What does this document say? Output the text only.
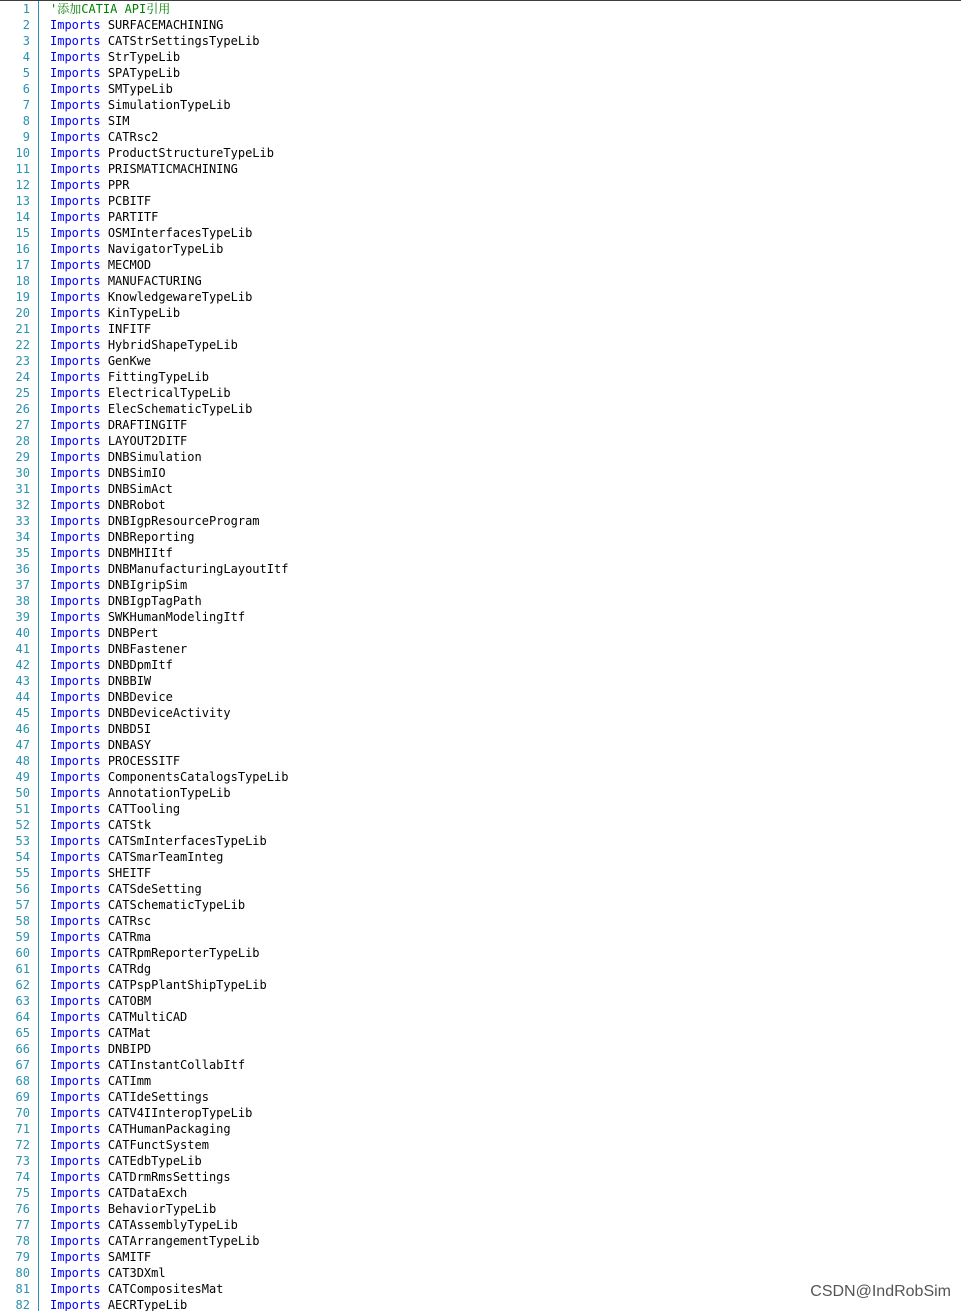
1 '添加CATIA API引用
2 Imports
SURFACEMACHINING
3 Imports
CATStrSettingsTypeLib
4 Imports
StrTypeLib
5 Imports
SPATypeLib
6 Imports
SMTypeLib
7 Imports
SimulationTypeLib
8 Imports
SIM
9 Imports
CATRsc2
10 Imports
ProductStructureTypeLib
11 Imports
PRISMATICMACHINING
12 Imports
PPR
13 Imports
PCBITF
14 Imports
PARTITF
15 Imports
OSMInterfacesTypeLib
16 Imports
NavigatorTypeLib
17 Imports
MECMOD
18 Imports
MANUFACTURING
19 Imports
KnowledgewareTypeLib
20 Imports
KinTypeLib
21 Imports
INFITF
22 Imports
HybridShapeTypeLib
23 Imports
GenKwe
24 Imports
FittingTypeLib
25 Imports
ElectricalTypeLib
26 Imports
ElecSchematicTypeLib
27 Imports
DRAFTINGITF
28 Imports
LAYOUT2DITF
29 Imports
DNBSimulation
30 Imports
DNBSimIO
31 Imports
DNBSimAct
32 Imports
DNBRobot
33 Imports
DNBIgpResourceProgram
34 Imports
DNBReporting
35 Imports
DNBMHIItf
36 Imports
DNBManufacturingLayoutItf
37 Imports
DNBIgripSim
38 Imports
DNBIgpTagPath
39 Imports
SWKHumanModelingItf
40 Imports
DNBPert
41 Imports
DNBFastener
42 Imports
DNBDpmItf
43 Imports
DNBBIW
44 Imports
DNBDevice
45 Imports
DNBDeviceActivity
46 Imports
DNBD5I
47 Imports
DNBASY
48 Imports
PROCESSITF
49 Imports
ComponentsCatalogsTypeLib
50 Imports
AnnotationTypeLib
51 Imports
CATTooling
52 Imports
CATStk
53 Imports
CATSmInterfacesTypeLib
54 Imports
CATSmarTeamInteg
55 Imports
SHEITF
56 Imports
CATSdeSetting
57 Imports
CATSchematicTypeLib
58 Imports
CATRsc
59 Imports
CATRma
60 Imports
CATRpmReporterTypeLib
61 Imports
CATRdg
62 Imports
CATPspPlantShipTypeLib
63 Imports
CATOBM
64 Imports
CATMultiCAD
65 Imports
CATMat
66 Imports
DNBIPD
67 Imports
CATInstantCollabItf
68 Imports
CATImm
69 Imports
CATIdeSettings
70 Imports
CATV4IInteropTypeLib
71 Imports
CATHumanPackaging
72 Imports
CATFunctSystem
73 Imports
CATEdbTypeLib
74 Imports
CATDrmRmsSettings
75 Imports
CATDataExch
76 Imports
BehaviorTypeLib
77 Imports
CATAssemblyTypeLib
78 Imports
CATArrangementTypeLib
79 Imports
SAMITF
80 Imports
CAT3DXml
81 Imports
CATCompositesMat
82 Imports
AECRTypeLib
CSDN@IndRobSim
